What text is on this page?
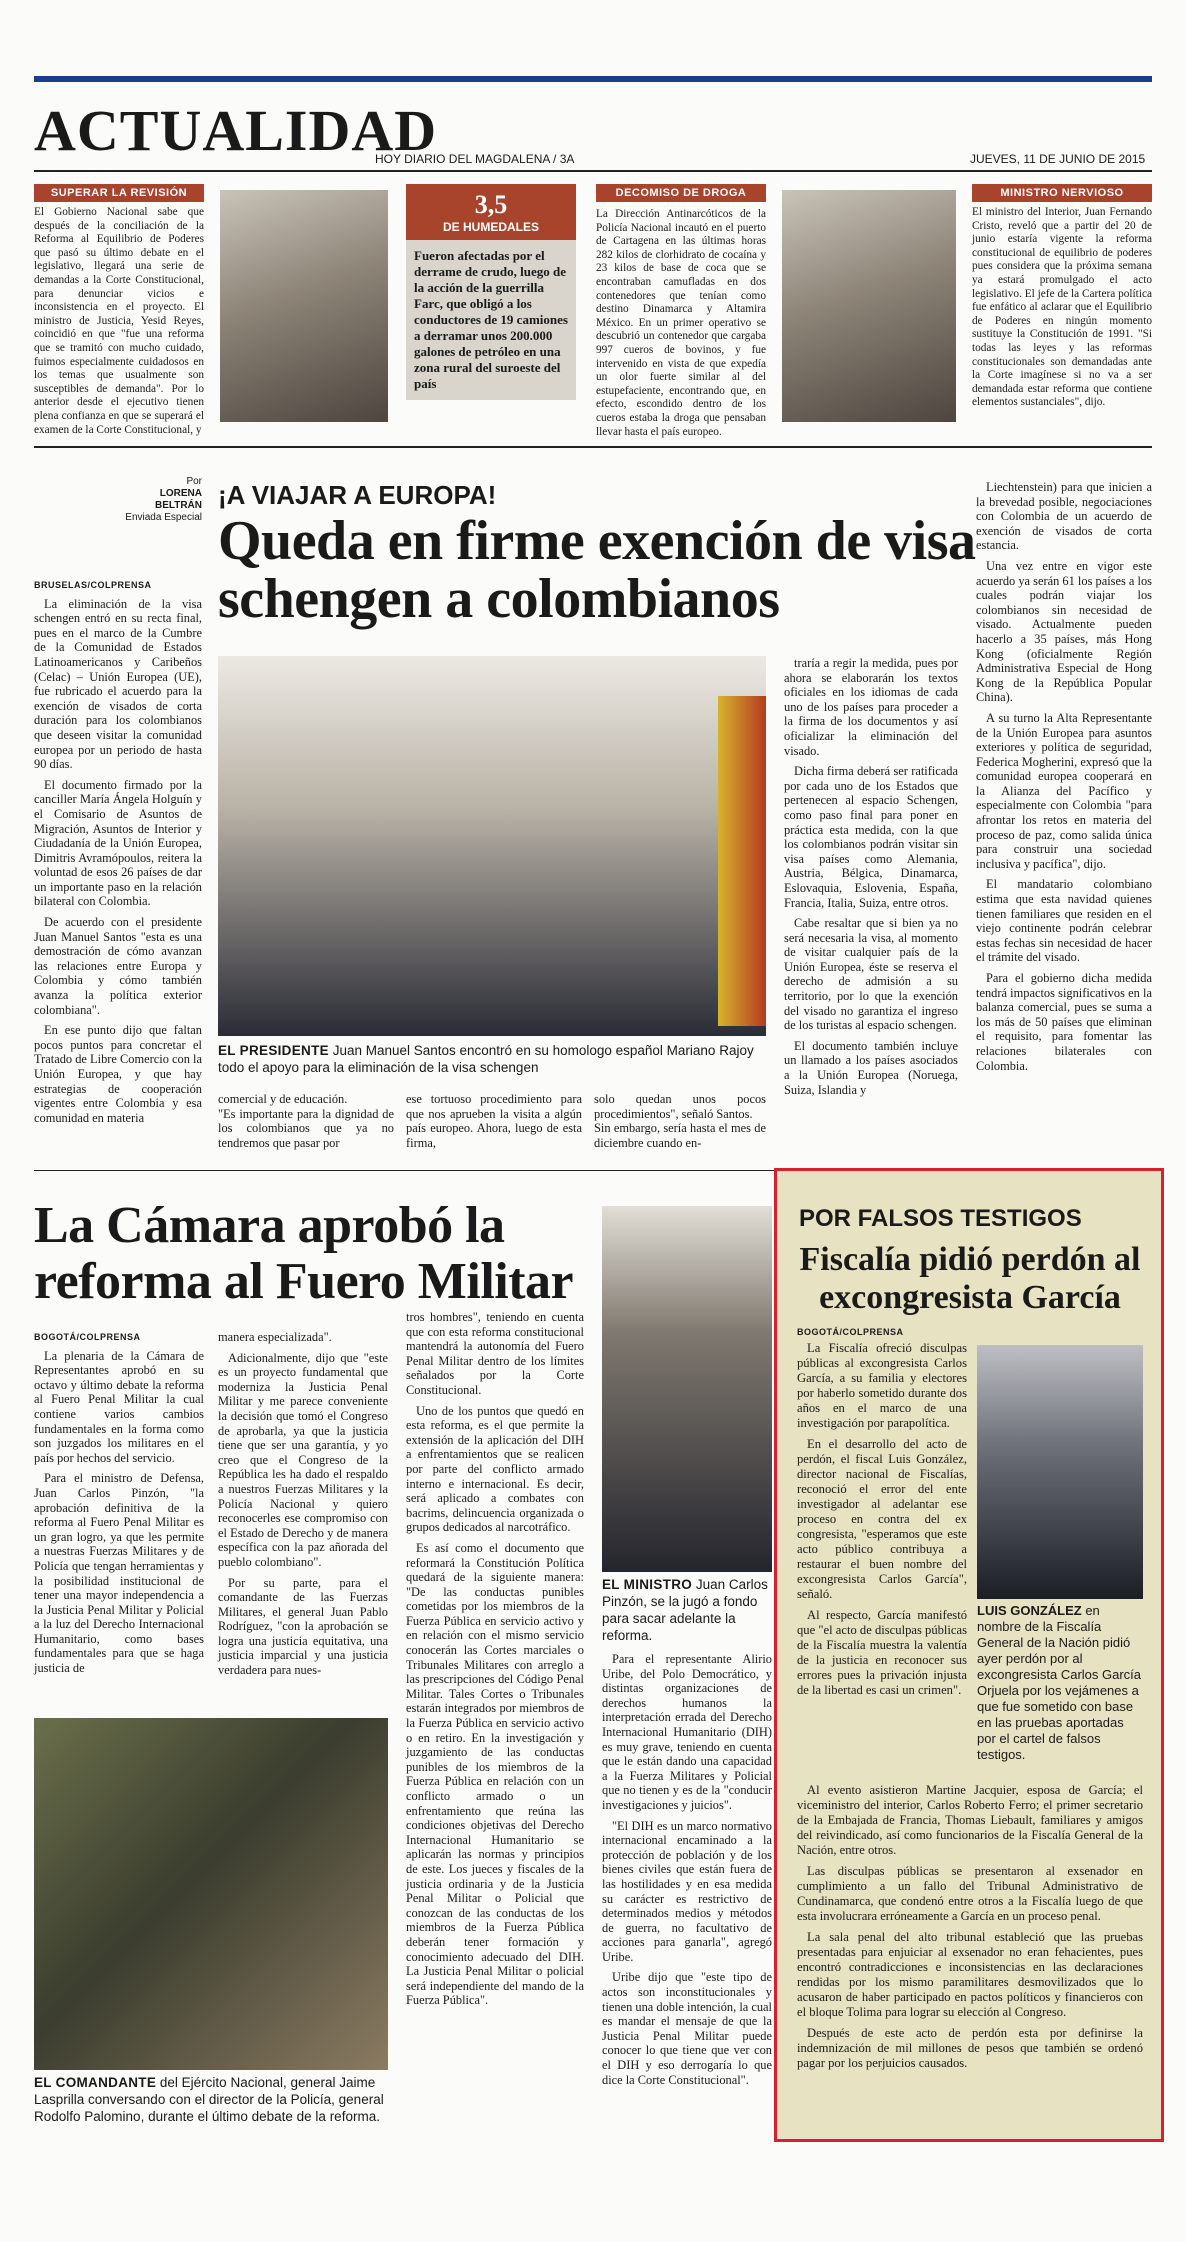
ACTUALIDAD
HOY DIARIO DEL MAGDALENA / 3A	JUEVES, 11 DE JUNIO DE 2015
SUPERAR LA REVISIÓN
El Gobierno Nacional sabe que después de la conciliación de la Reforma al Equilibrio de Poderes que pasó su último debate en el legislativo, llegará una serie de demandas a la Corte Constitucional, para denunciar vicios e inconsistencia en el proyecto. El ministro de Justicia, Yesid Reyes, coincidió en que "fue una reforma que se tramitó con mucho cuidado, fuimos especialmente cuidadosos en los temas que usualmente son susceptibles de demanda". Por lo anterior desde el ejecutivo tienen plena confianza en que se superará el examen de la Corte Constitucional, y
3,5
DE HUMEDALES
Fueron afectadas por el derrame de crudo, luego de la acción de la guerrilla Farc, que obligó a los conductores de 19 camiones a derramar unos 200.000 galones de petróleo en una zona rural del suroeste del país
DECOMISO DE DROGA
La Dirección Antinarcóticos de la Policía Nacional incautó en el puerto de Cartagena en las últimas horas 282 kilos de clorhidrato de cocaína y 23 kilos de base de coca que se encontraban camufladas en dos contenedores que tenían como destino Dinamarca y Altamira México. En un primer operativo se descubrió un contenedor que cargaba 997 cueros de bovinos, y fue intervenido en vista de que expedía un olor fuerte similar al del estupefaciente, encontrando que, en efecto, escondido dentro de los cueros estaba la droga que pensaban llevar hasta el país europeo.
MINISTRO NERVIOSO
El ministro del Interior, Juan Fernando Cristo, reveló que a partir del 20 de junio estaría vigente la reforma constitucional de equilibrio de poderes pues considera que la próxima semana ya estará promulgado el acto legislativo. El jefe de la Cartera política fue enfático al aclarar que el Equilibrio de Poderes en ningún momento sustituye la Constitución de 1991. "Si todas las leyes y las reformas constitucionales son demandadas ante la Corte imagínese si no va a ser demandada estar reforma que contiene elementos sustanciales", dijo.
Por
LORENA
BELTRÁN
Enviada Especial
¡A VIAJAR A EUROPA!
Queda en firme exención de visa schengen a colombianos
BRUSELAS/COLPRENSA

La eliminación de la visa schengen entró en su recta final, pues en el marco de la Cumbre de la Comunidad de Estados Latinoamericanos y Caribeños (Celac) – Unión Europea (UE), fue rubricado el acuerdo para la exención de visados de corta duración para los colombianos que deseen visitar la comunidad europea por un periodo de hasta 90 días.

El documento firmado por la canciller María Ángela Holguín y el Comisario de Asuntos de Migración, Asuntos de Interior y Ciudadanía de la Unión Europea, Dimitris Avramópoulos, reitera la voluntad de esos 26 países de dar un importante paso en la relación bilateral con Colombia.

De acuerdo con el presidente Juan Manuel Santos "esta es una demostración de cómo avanzan las relaciones entre Europa y Colombia y cómo también avanza la política exterior colombiana".

En ese punto dijo que faltan pocos puntos para concretar el Tratado de Libre Comercio con la Unión Europea, y que hay estrategias de cooperación vigentes entre Colombia y esa comunidad en materia

EL PRESIDENTE Juan Manuel Santos encontró en su homologo español Mariano Rajoy todo el apoyo para la eliminación de la visa schengen
comercial y de educación.
"Es importante para la dignidad de los colombianos que ya no tendremos que pasar por
ese tortuoso procedimiento para que nos aprueben la visita a algún país europeo. Ahora, luego de esta firma,
solo quedan unos pocos procedimientos", señaló Santos.
Sin embargo, sería hasta el mes de diciembre cuando en-

traría a regir la medida, pues por ahora se elaborarán los textos oficiales en los idiomas de cada uno de los países para proceder a la firma de los documentos y así oficializar la eliminación del visado.

Dicha firma deberá ser ratificada por cada uno de los Estados que pertenecen al espacio Schengen, como paso final para poner en práctica esta medida, con la que los colombianos podrán visitar sin visa países como Alemania, Austria, Bélgica, Dinamarca, Eslovaquia, Eslovenia, España, Francia, Italia, Suiza, entre otros.

Cabe resaltar que si bien ya no será necesaria la visa, al momento de visitar cualquier país de la Unión Europea, éste se reserva el derecho de admisión a su territorio, por lo que la exención del visado no garantiza el ingreso de los turistas al espacio schengen.

El documento también incluye un llamado a los países asociados a la Unión Europea (Noruega, Suiza, Islandia y

Liechtenstein) para que inicien a la brevedad posible, negociaciones con Colombia de un acuerdo de exención de visados de corta estancia.

Una vez entre en vigor este acuerdo ya serán 61 los países a los cuales podrán viajar los colombianos sin necesidad de visado. Actualmente pueden hacerlo a 35 países, más Hong Kong (oficialmente Región Administrativa Especial de Hong Kong de la República Popular China).

A su turno la Alta Representante de la Unión Europea para asuntos exteriores y política de seguridad, Federica Mogherini, expresó que la comunidad europea cooperará en la Alianza del Pacífico y especialmente con Colombia "para afrontar los retos en materia del proceso de paz, como salida única para construir una sociedad inclusiva y pacífica", dijo.

El mandatario colombiano estima que esta navidad quienes tienen familiares que residen en el viejo continente podrán celebrar estas fechas sin necesidad de hacer el trámite del visado.

Para el gobierno dicha medida tendrá impactos significativos en la balanza comercial, pues se suma a los más de 50 países que eliminan el requisito, para fomentar las relaciones bilaterales con Colombia.

La Cámara aprobó la reforma al Fuero Militar
EL MINISTRO Juan Carlos Pinzón, se la jugó a fondo para sacar adelante la reforma.
BOGOTÁ/COLPRENSA

La plenaria de la Cámara de Representantes aprobó en su octavo y último debate la reforma al Fuero Penal Militar la cual contiene varios cambios fundamentales en la forma como son juzgados los militares en el país por hechos del servicio.

Para el ministro de Defensa, Juan Carlos Pinzón, "la aprobación definitiva de la reforma al Fuero Penal Militar es un gran logro, ya que les permite a nuestras Fuerzas Militares y de Policía que tengan herramientas y la posibilidad institucional de tener una mayor independencia a la Justicia Penal Militar y Policial a la luz del Derecho Internacional Humanitario, como bases fundamentales para que se haga justicia de

manera especializada".

Adicionalmente, dijo que "este es un proyecto fundamental que moderniza la Justicia Penal Militar y me parece conveniente la decisión que tomó el Congreso de aprobarla, ya que la justicia tiene que ser una garantía, y yo creo que el Congreso de la República les ha dado el respaldo a nuestros Fuerzas Militares y la Policía Nacional y quiero reconocerles ese compromiso con el Estado de Derecho y de manera específica con la paz añorada del pueblo colombiano".

Por su parte, para el comandante de las Fuerzas Militares, el general Juan Pablo Rodríguez, "con la aprobación se logra una justicia equitativa, una justicia imparcial y una justicia verdadera para nues-

tros hombres", teniendo en cuenta que con esta reforma constitucional mantendrá la autonomía del Fuero Penal Militar dentro de los límites señalados por la Corte Constitucional.

Uno de los puntos que quedó en esta reforma, es el que permite la extensión de la aplicación del DIH a enfrentamientos que se realicen por parte del conflicto armado interno e internacional. Es decir, será aplicado a combates con bacrims, delincuencia organizada o grupos dedicados al narcotráfico.

Es así como el documento que reformará la Constitución Política quedará de la siguiente manera: "De las conductas punibles cometidas por los miembros de la Fuerza Pública en servicio activo y en relación con el mismo servicio conocerán las Cortes marciales o Tribunales Militares con arreglo a las prescripciones del Código Penal Militar. Tales Cortes o Tribunales estarán integrados por miembros de la Fuerza Pública en servicio activo o en retiro. En la investigación y juzgamiento de las conductas punibles de los miembros de la Fuerza Pública en relación con un conflicto armado o un enfrentamiento que reúna las condiciones objetivas del Derecho Internacional Humanitario se aplicarán las normas y principios de este. Los jueces y fiscales de la justicia ordinaria y de la Justicia Penal Militar o Policial que conozcan de las conductas de los miembros de la Fuerza Pública deberán tener formación y conocimiento adecuado del DIH. La Justicia Penal Militar o policial será independiente del mando de la Fuerza Pública".

Para el representante Alirio Uribe, del Polo Democrático, y distintas organizaciones de derechos humanos la interpretación errada del Derecho Internacional Humanitario (DIH) es muy grave, teniendo en cuenta que le están dando una capacidad a la Fuerza Militares y Policial que no tienen y es de la "conducir investigaciones y juicios".

"El DIH es un marco normativo internacional encaminado a la protección de población y de los bienes civiles que están fuera de las hostilidades y en esa medida su carácter es restrictivo de determinados medios y métodos de guerra, no facultativo de acciones para ganarla", agregó Uribe.

Uribe dijo que "este tipo de actos son inconstitucionales y tienen una doble intención, la cual es mandar el mensaje de que la Justicia Penal Militar puede conocer lo que tiene que ver con el DIH y eso derrogaría lo que dice la Corte Constitucional".

EL COMANDANTE del Ejército Nacional, general Jaime Lasprilla conversando con el director de la Policía, general Rodolfo Palomino, durante el último debate de la reforma.
POR FALSOS TESTIGOS
Fiscalía pidió perdón al excongresista García
BOGOTÁ/COLPRENSA

La Fiscalía ofreció disculpas públicas al excongresista Carlos García, a su familia y electores por haberlo sometido durante dos años en el marco de una investigación por parapolítica.

En el desarrollo del acto de perdón, el fiscal Luis González, director nacional de Fiscalías, reconoció el error del ente investigador al adelantar ese proceso en contra del ex congresista, "esperamos que este acto público contribuya a restaurar el buen nombre del excongresista Carlos García", señaló.

Al respecto, García manifestó que "el acto de disculpas públicas de la Fiscalía muestra la valentía de la justicia en reconocer sus errores pues la privación injusta de la libertad es casi un crimen".

LUIS GONZÁLEZ en nombre de la Fiscalía General de la Nación pidió ayer perdón por al excongresista Carlos García Orjuela por los vejámenes a que fue sometido con base en las pruebas aportadas por el cartel de falsos testigos.

Al evento asistieron Martine Jacquier, esposa de García; el viceministro del interior, Carlos Roberto Ferro; el primer secretario de la Embajada de Francia, Thomas Liebault, familiares y amigos del reivindicado, así como funcionarios de la Fiscalía General de la Nación, entre otros.

Las disculpas públicas se presentaron al exsenador en cumplimiento a un fallo del Tribunal Administrativo de Cundinamarca, que condenó entre otros a la Fiscalía luego de que esta involucrara erróneamente a García en un proceso penal.

La sala penal del alto tribunal estableció que las pruebas presentadas para enjuiciar al exsenador no eran fehacientes, pues encontró contradicciones e inconsistencias en las declaraciones rendidas por los mismo paramilitares desmovilizados que lo acusaron de haber participado en pactos políticos y financieros con el bloque Tolima para lograr su elección al Congreso.

Después de este acto de perdón esta por definirse la indemnización de mil millones de pesos que también se ordenó pagar por los perjuicios causados.
